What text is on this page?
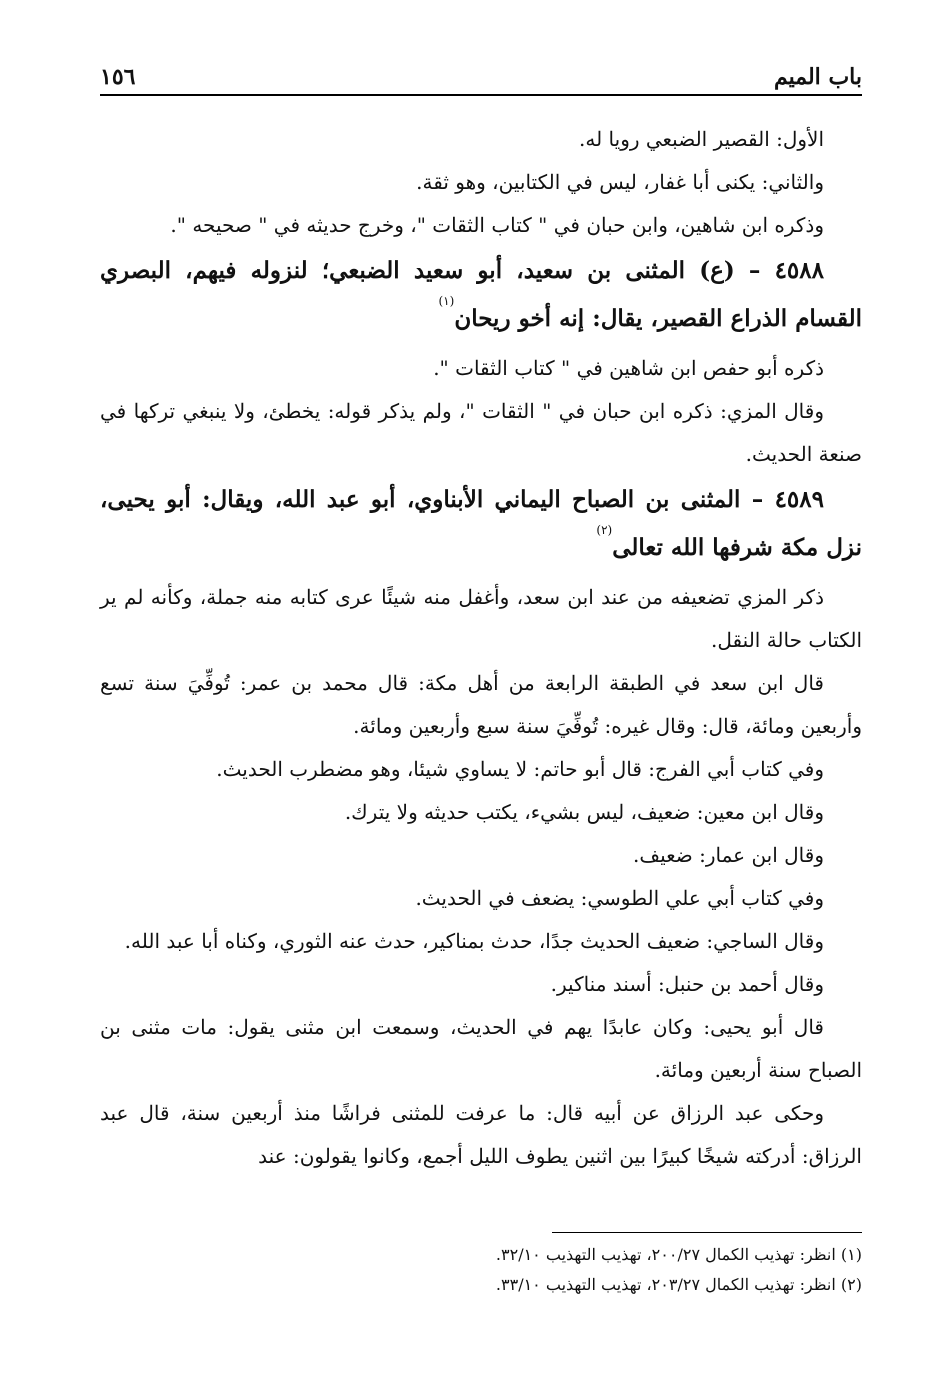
باب الميم
١٥٦

الأول: القصير الضبعي رويا له.

والثاني: يكنى أبا غفار، ليس في الكتابين، وهو ثقة.

وذكره ابن شاهين، وابن حبان في " كتاب الثقات "، وخرج حديثه في " صحيحه ".

٤٥٨٨ – (ع) المثنى بن سعيد، أبو سعيد الضبعي؛ لنزوله فيهم، البصري القسام الذراع القصير، يقال: إنه أخو ريحان$^{(١)}$

ذكره أبو حفص ابن شاهين في " كتاب الثقات ".

وقال المزي: ذكره ابن حبان في " الثقات "، ولم يذكر قوله: يخطئ، ولا ينبغي تركها في صنعة الحديث.

٤٥٨٩ – المثنى بن الصباح اليماني الأبناوي، أبو عبد الله، ويقال: أبو يحيى، نزل مكة شرفها الله تعالى$^{(٢)}$

ذكر المزي تضعيفه من عند ابن سعد، وأغفل منه شيئًا عرى كتابه منه جملة، وكأنه لم ير الكتاب حالة النقل.

قال ابن سعد في الطبقة الرابعة من أهل مكة: قال محمد بن عمر: تُوفِّيَ سنة تسع وأربعين ومائة، قال: وقال غيره: تُوفِّيَ سنة سبع وأربعين ومائة.

وفي كتاب أبي الفرج: قال أبو حاتم: لا يساوي شيئا، وهو مضطرب الحديث.

وقال ابن معين: ضعيف، ليس بشيء، يكتب حديثه ولا يترك.

وقال ابن عمار: ضعيف.

وفي كتاب أبي علي الطوسي: يضعف في الحديث.

وقال الساجي: ضعيف الحديث جدًا، حدث بمناكير، حدث عنه الثوري، وكناه أبا عبد الله.

وقال أحمد بن حنبل: أسند مناكير.

قال أبو يحيى: وكان عابدًا يهم في الحديث، وسمعت ابن مثنى يقول: مات مثنى بن الصباح سنة أربعين ومائة.

وحكى عبد الرزاق عن أبيه قال: ما عرفت للمثنى فراشًا منذ أربعين سنة، قال عبد الرزاق: أدركته شيخًا كبيرًا بين اثنين يطوف الليل أجمع، وكانوا يقولون: عند

(١) انظر: تهذيب الكمال ٢٠٠/٢٧، تهذيب التهذيب ٣٢/١٠.

(٢) انظر: تهذيب الكمال ٢٠٣/٢٧، تهذيب التهذيب ٣٣/١٠.
